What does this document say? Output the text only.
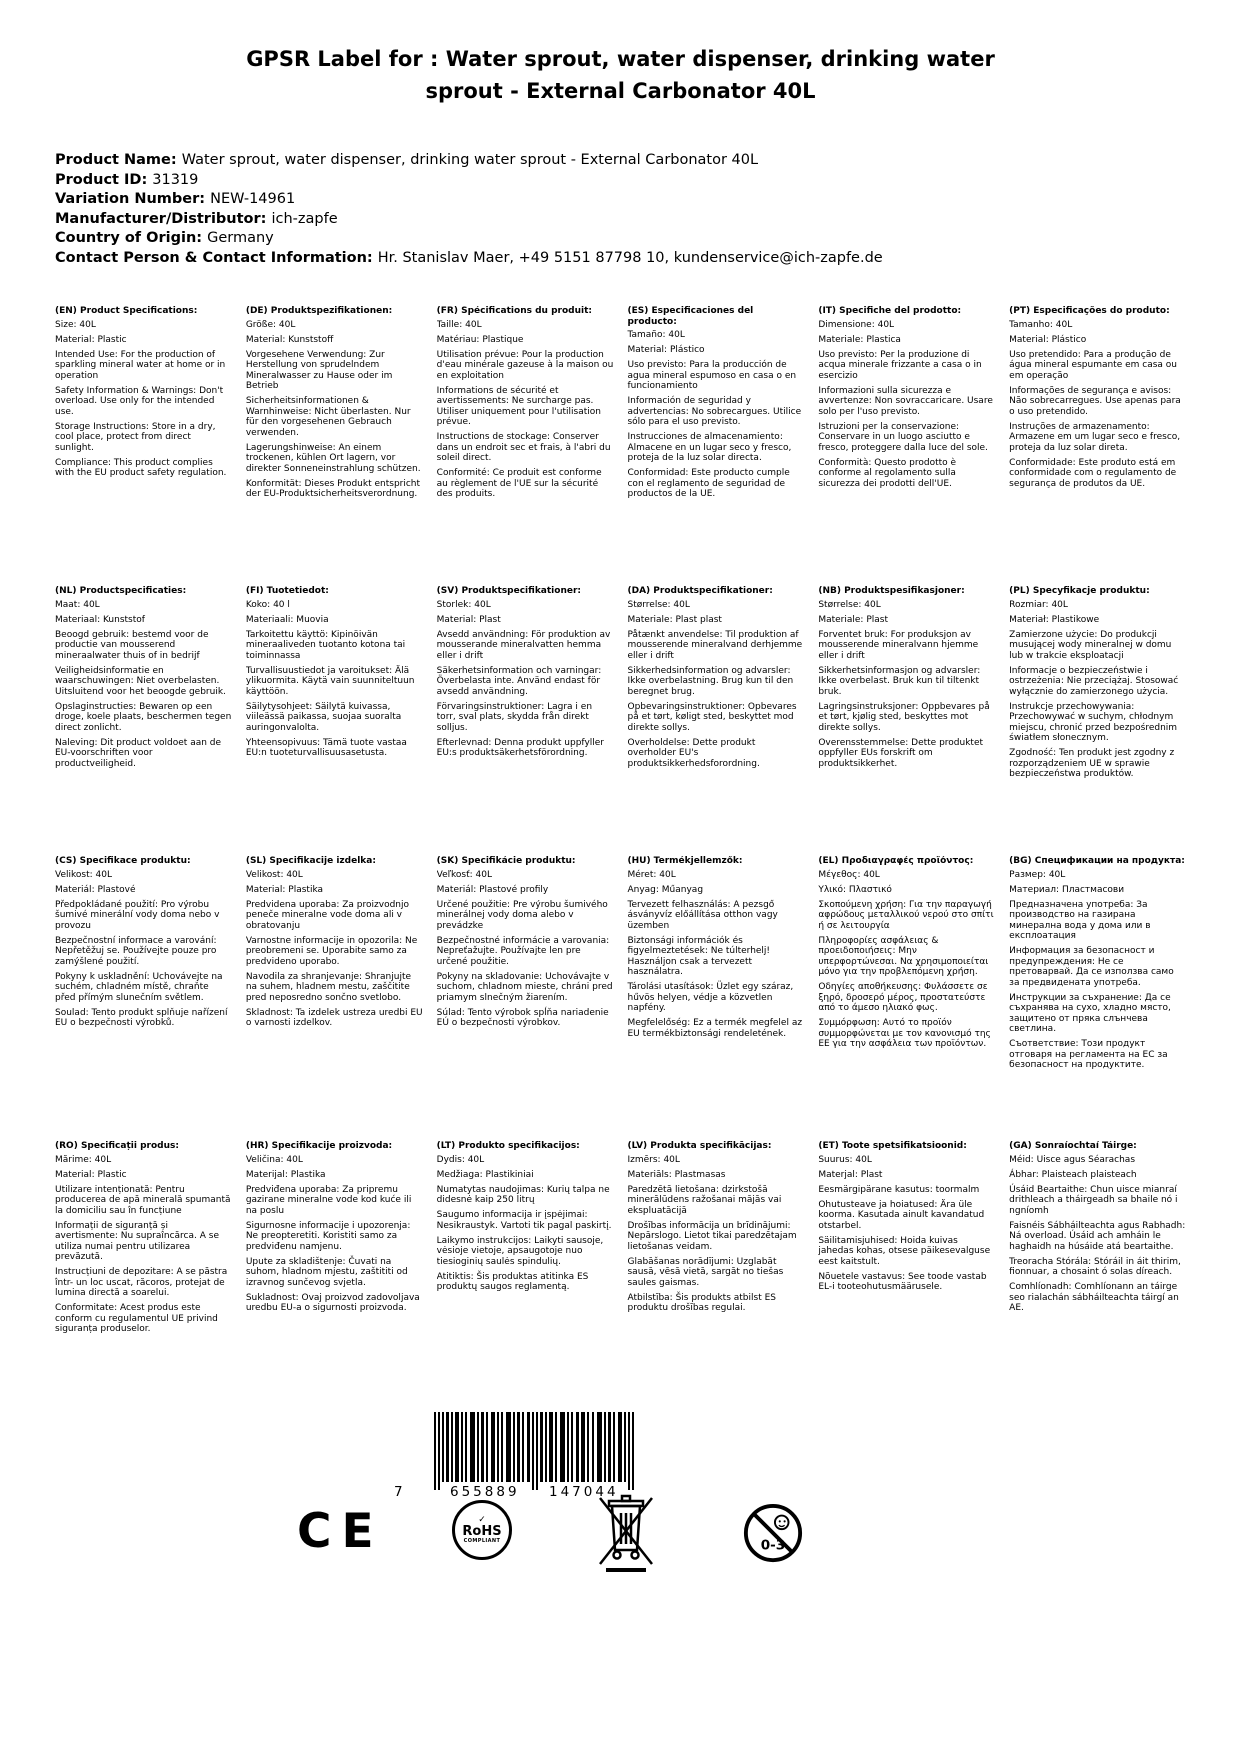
GPSR Label for : Water sprout, water dispenser, drinking water sprout - External Carbonator 40L
Product Name: Water sprout, water dispenser, drinking water sprout - External Carbonator 40L
Product ID: 31319
Variation Number: NEW-14961
Manufacturer/Distributor: ich-zapfe
Country of Origin: Germany
Contact Person & Contact Information: Hr. Stanislav Maer, +49 5151 87798 10, kundenservice@ich-zapfe.de
(EN) Product Specifications:

Size: 40L

Material: Plastic

Intended Use: For the production of sparkling mineral water at home or in operation

Safety Information & Warnings: Don't overload. Use only for the intended use.

Storage Instructions: Store in a dry, cool place, protect from direct sunlight.

Compliance: This product complies with the EU product safety regulation.

(DE) Produktspezifikationen:

Größe: 40L

Material: Kunststoff

Vorgesehene Verwendung: Zur Herstellung von sprudelndem Mineralwasser zu Hause oder im Betrieb

Sicherheitsinformationen & Warnhinweise: Nicht überlasten. Nur für den vorgesehenen Gebrauch verwenden.

Lagerungshinweise: An einem trockenen, kühlen Ort lagern, vor direkter Sonneneinstrahlung schützen.

Konformität: Dieses Produkt entspricht der EU-Produktsicherheitsverordnung.

(FR) Spécifications du produit:

Taille: 40L

Matériau: Plastique

Utilisation prévue: Pour la production d'eau minérale gazeuse à la maison ou en exploitation

Informations de sécurité et avertissements: Ne surcharge pas. Utiliser uniquement pour l'utilisation prévue.

Instructions de stockage: Conserver dans un endroit sec et frais, à l'abri du soleil direct.

Conformité: Ce produit est conforme au règlement de l'UE sur la sécurité des produits.

(ES) Especificaciones del producto:

Tamaño: 40L

Material: Plástico

Uso previsto: Para la producción de agua mineral espumoso en casa o en funcionamiento

Información de seguridad y advertencias: No sobrecargues. Utilice sólo para el uso previsto.

Instrucciones de almacenamiento: Almacene en un lugar seco y fresco, proteja de la luz solar directa.

Conformidad: Este producto cumple con el reglamento de seguridad de productos de la UE.

(IT) Specifiche del prodotto:

Dimensione: 40L

Materiale: Plastica

Uso previsto: Per la produzione di acqua minerale frizzante a casa o in esercizio

Informazioni sulla sicurezza e avvertenze: Non sovraccaricare. Usare solo per l'uso previsto.

Istruzioni per la conservazione: Conservare in un luogo asciutto e fresco, proteggere dalla luce del sole.

Conformità: Questo prodotto è conforme al regolamento sulla sicurezza dei prodotti dell'UE.

(PT) Especificações do produto:

Tamanho: 40L

Material: Plástico

Uso pretendido: Para a produção de água mineral espumante em casa ou em operação

Informações de segurança e avisos: Não sobrecarregues. Use apenas para o uso pretendido.

Instruções de armazenamento: Armazene em um lugar seco e fresco, proteja da luz solar direta.

Conformidade: Este produto está em conformidade com o regulamento de segurança de produtos da UE.

(NL) Productspecificaties:

Maat: 40L

Materiaal: Kunststof

Beoogd gebruik: bestemd voor de productie van mousserend mineraalwater thuis of in bedrijf

Veiligheidsinformatie en waarschuwingen: Niet overbelasten. Uitsluitend voor het beoogde gebruik.

Opslaginstructies: Bewaren op een droge, koele plaats, beschermen tegen direct zonlicht.

Naleving: Dit product voldoet aan de EU-voorschriften voor productveiligheid.

(FI) Tuotetiedot:

Koko: 40 l

Materiaali: Muovia

Tarkoitettu käyttö: Kipinöivän mineraaliveden tuotanto kotona tai toiminnassa

Turvallisuustiedot ja varoitukset: Älä ylikuormita. Käytä vain suunniteltuun käyttöön.

Säilytysohjeet: Säilytä kuivassa, viileässä paikassa, suojaa suoralta auringonvalolta.

Yhteensopivuus: Tämä tuote vastaa EU:n tuoteturvallisuusasetusta.

(SV) Produktspecifikationer:

Storlek: 40L

Material: Plast

Avsedd användning: För produktion av mousserande mineralvatten hemma eller i drift

Säkerhetsinformation och varningar: Överbelasta inte. Använd endast för avsedd användning.

Förvaringsinstruktioner: Lagra i en torr, sval plats, skydda från direkt solljus.

Efterlevnad: Denna produkt uppfyller EU:s produktsäkerhetsförordning.

(DA) Produktspecifikationer:

Størrelse: 40L

Materiale: Plast plast

Påtænkt anvendelse: Til produktion af mousserende mineralvand derhjemme eller i drift

Sikkerhedsinformation og advarsler: Ikke overbelastning. Brug kun til den beregnet brug.

Opbevaringsinstruktioner: Opbevares på et tørt, køligt sted, beskyttet mod direkte sollys.

Overholdelse: Dette produkt overholder EU's produktsikkerhedsforordning.

(NB) Produktspesifikasjoner:

Størrelse: 40L

Materiale: Plast

Forventet bruk: For produksjon av mousserende mineralvann hjemme eller i drift

Sikkerhetsinformasjon og advarsler: Ikke overbelast. Bruk kun til tiltenkt bruk.

Lagringsinstruksjoner: Oppbevares på et tørt, kjølig sted, beskyttes mot direkte sollys.

Overensstemmelse: Dette produktet oppfyller EUs forskrift om produktsikkerhet.

(PL) Specyfikacje produktu:

Rozmiar: 40L

Materiał: Plastikowe

Zamierzone użycie: Do produkcji musującej wody mineralnej w domu lub w trakcie eksploatacji

Informacje o bezpieczeństwie i ostrzeżenia: Nie przeciążaj. Stosować wyłącznie do zamierzonego użycia.

Instrukcje przechowywania: Przechowywać w suchym, chłodnym miejscu, chronić przed bezpośrednim światłem słonecznym.

Zgodność: Ten produkt jest zgodny z rozporządzeniem UE w sprawie bezpieczeństwa produktów.

(CS) Specifikace produktu:

Velikost: 40L

Materiál: Plastové

Předpokládané použití: Pro výrobu šumivé minerální vody doma nebo v provozu

Bezpečnostní informace a varování: Nepřetěžuj se. Používejte pouze pro zamýšlené použití.

Pokyny k uskladnění: Uchovávejte na suchém, chladném místě, chraňte před přímým slunečním světlem.

Soulad: Tento produkt splňuje nařízení EU o bezpečnosti výrobků.

(SL) Specifikacije izdelka:

Velikost: 40L

Material: Plastika

Predvidena uporaba: Za proizvodnjo peneče mineralne vode doma ali v obratovanju

Varnostne informacije in opozorila: Ne preobremeni se. Uporabite samo za predvideno uporabo.

Navodila za shranjevanje: Shranjujte na suhem, hladnem mestu, zaščitite pred neposredno sončno svetlobo.

Skladnost: Ta izdelek ustreza uredbi EU o varnosti izdelkov.

(SK) Špecifikácie produktu:

Veľkosť: 40L

Materiál: Plastové profily

Určené použitie: Pre výrobu šumivého minerálnej vody doma alebo v prevádzke

Bezpečnostné informácie a varovania: Nepreťažujte. Používajte len pre určené použitie.

Pokyny na skladovanie: Uchovávajte v suchom, chladnom mieste, chráni pred priamym slnečným žiarením.

Súlad: Tento výrobok spĺňa nariadenie EÚ o bezpečnosti výrobkov.

(HU) Termékjellemzők:

Méret: 40L

Anyag: Műanyag

Tervezett felhasználás: A pezsgő ásványvíz előállítása otthon vagy üzemben

Biztonsági információk és figyelmeztetések: Ne túlterhelj! Használjon csak a tervezett használatra.

Tárolási utasítások: Üzlet egy száraz, hűvös helyen, védje a közvetlen napfény.

Megfelelőség: Ez a termék megfelel az EU termékbiztonsági rendeletének.

(EL) Προδιαγραφές προϊόντος:

Μέγεθος: 40L

Υλικό: Πλαστικό

Σκοπούμενη χρήση: Για την παραγωγή αφρώδους μεταλλικού νερού στο σπίτι ή σε λειτουργία

Πληροφορίες ασφάλειας & προειδοποιήσεις: Μην υπερφορτώνεσαι. Να χρησιμοποιείται μόνο για την προβλεπόμενη χρήση.

Οδηγίες αποθήκευσης: Φυλάσσετε σε ξηρό, δροσερό μέρος, προστατεύστε από το άμεσο ηλιακό φως.

Συμμόρφωση: Αυτό το προϊόν συμμορφώνεται με τον κανονισμό της ΕΕ για την ασφάλεια των προϊόντων.

(BG) Спецификации на продукта:

Размер: 40L

Материал: Пластмасови

Предназначена употреба: За производство на газирана минерална вода у дома или в експлоатация

Информация за безопасност и предупреждения: Не се претоварвай. Да се използва само за предвидената употреба.

Инструкции за съхранение: Да се съхранява на сухо, хладно място, защитено от пряка слънчева светлина.

Съответствие: Този продукт отговаря на регламента на ЕС за безопасност на продуктите.

(RO) Specificații produs:

Mărime: 40L

Material: Plastic

Utilizare intenționată: Pentru producerea de apă minerală spumantă la domiciliu sau în funcțiune

Informații de siguranță și avertismente: Nu supraîncărca. A se utiliza numai pentru utilizarea prevăzută.

Instrucțiuni de depozitare: A se păstra într- un loc uscat, răcoros, protejat de lumina directă a soarelui.

Conformitate: Acest produs este conform cu regulamentul UE privind siguranța produselor.

(HR) Specifikacije proizvoda:

Veličina: 40L

Materijal: Plastika

Predviđena uporaba: Za pripremu gazirane mineralne vode kod kuće ili na poslu

Sigurnosne informacije i upozorenja: Ne preopteretiti. Koristiti samo za predviđenu namjenu.

Upute za skladištenje: Čuvati na suhom, hladnom mjestu, zaštititi od izravnog sunčevog svjetla.

Sukladnost: Ovaj proizvod zadovoljava uredbu EU-a o sigurnosti proizvoda.

(LT) Produkto specifikacijos:

Dydis: 40L

Medžiaga: Plastikiniai

Numatytas naudojimas: Kurių talpa ne didesnė kaip 250 litrų

Saugumo informacija ir įspėjimai: Nesikraustyk. Vartoti tik pagal paskirtį.

Laikymo instrukcijos: Laikyti sausoje, vėsioje vietoje, apsaugotoje nuo tiesioginių saulės spindulių.

Atitiktis: Šis produktas atitinka ES produktų saugos reglamentą.

(LV) Produkta specifikācijas:

Izmērs: 40L

Materiāls: Plastmasas

Paredzētā lietošana: dzirkstošā minerālūdens ražošanai mājās vai ekspluatācijā

Drošības informācija un brīdinājumi: Nepārslogo. Lietot tikai paredzētajam lietošanas veidam.

Glabāšanas norādījumi: Uzglabāt sausā, vēsā vietā, sargāt no tiešas saules gaismas.

Atbilstība: Šis produkts atbilst ES produktu drošības regulai.

(ET) Toote spetsifikatsioonid:

Suurus: 40L

Materjal: Plast

Eesmärgipärane kasutus: toormalm

Ohutusteave ja hoiatused: Ära üle koorma. Kasutada ainult kavandatud otstarbel.

Säilitamisjuhised: Hoida kuivas jahedas kohas, otsese päikesevalguse eest kaitstult.

Nõuetele vastavus: See toode vastab EL-i tooteohutusmäärusele.

(GA) Sonraíochtaí Táirge:

Méid: Uisce agus Séarachas

Ábhar: Plaisteach plaisteach

Úsáid Beartaithe: Chun uisce mianraí drithleach a tháirgeadh sa bhaile nó i ngníomh

Faisnéis Sábháilteachta agus Rabhadh: Ná overload. Úsáid ach amháin le haghaidh na húsáide atá beartaithe.

Treoracha Stórála: Stóráil in áit thirim, fionnuar, a chosaint ó solas díreach.

Comhlíonadh: Comhlíonann an táirge seo rialachán sábháilteachta táirgí an AE.

7	655889 147044
CE	✓
RoHS
COMPLIANT	0-3
